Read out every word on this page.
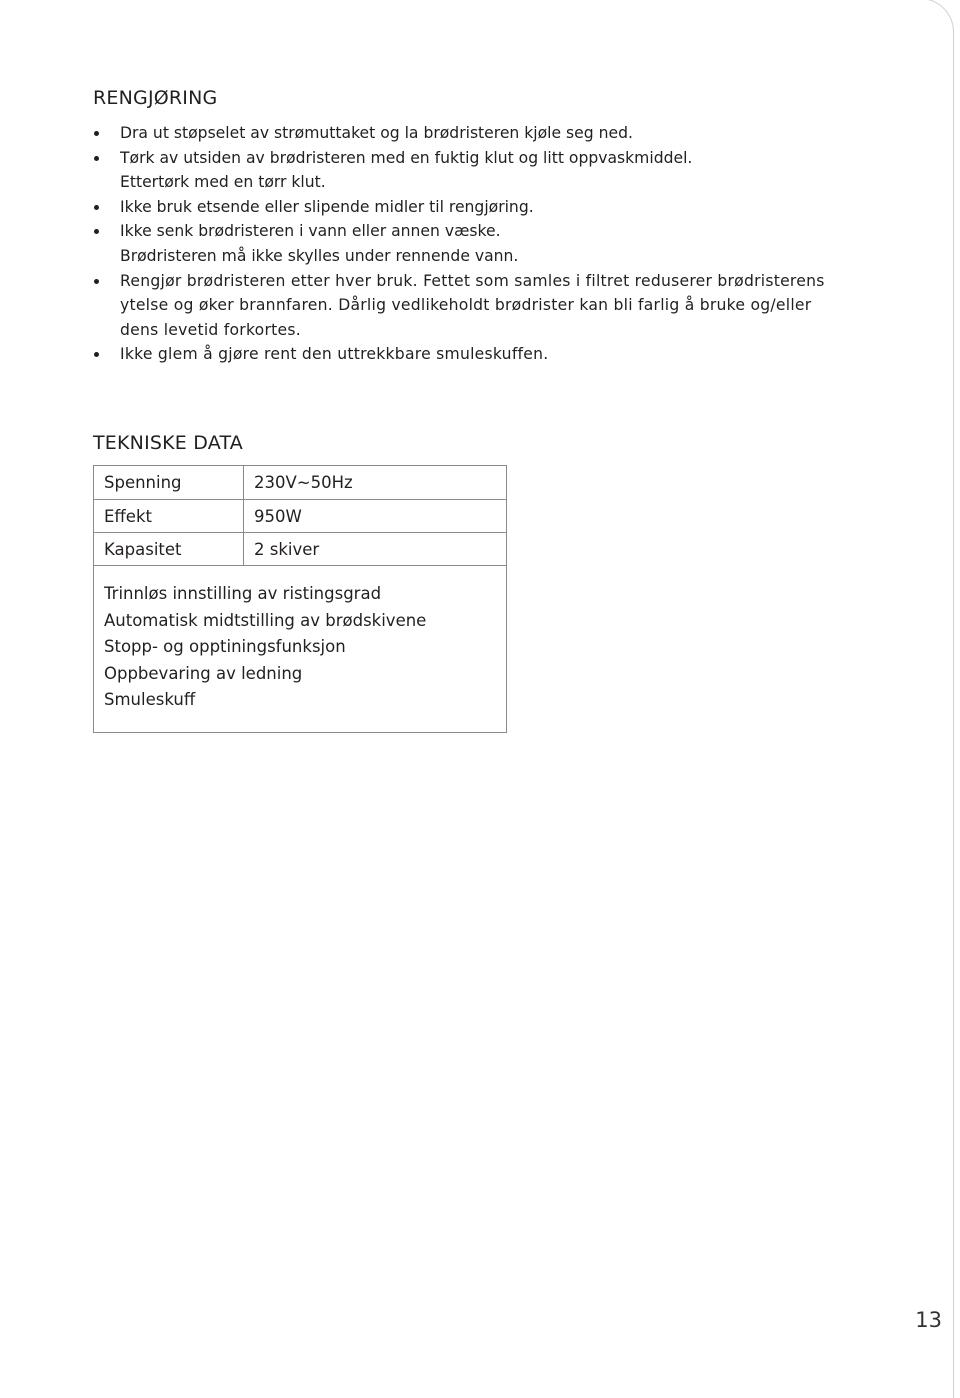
RENGJØRING
Dra ut støpselet av strømuttaket og la brødristeren kjøle seg ned.
Tørk av utsiden av brødristeren med en fuktig klut og litt oppvaskmiddel.
Ettertørk med en tørr klut.
Ikke bruk etsende eller slipende midler til rengjøring.
Ikke senk brødristeren i vann eller annen væske.
Brødristeren må ikke skylles under rennende vann.
Rengjør brødristeren etter hver bruk. Fettet som samles i filtret reduserer brødristerens
ytelse og øker brannfaren. Dårlig vedlikeholdt brødrister kan bli farlig å bruke og/eller
dens levetid forkortes.
Ikke glem å gjøre rent den uttrekkbare smuleskuffen.
TEKNISKE DATA
Spenning	230V~50Hz
Effekt	950W
Kapasitet	2 skiver
Trinnløs innstilling av ristingsgrad
Automatisk midtstilling av brødskivene
Stopp- og opptiningsfunksjon
Oppbevaring av ledning
Smuleskuff
13
